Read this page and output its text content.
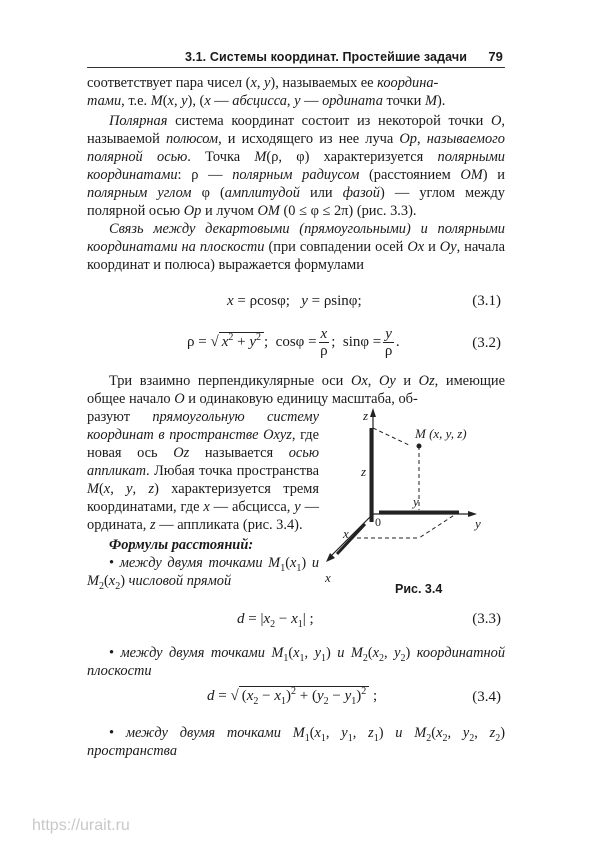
3.1. Системы координат. Простейшие задачи 79

соответствует пара чисел (x, y), называемых ее координа-
тами, т.е. M(x, y), (x — абсцисса, y — ордината точки M).

Полярная система координат состоит из некоторой точки O, называемой полюсом, и исходящего из нее луча Op, называемого полярной осью. Точка M(ρ, φ) характеризуется полярными координатами: ρ — полярным радиусом (расстоянием OM) и полярным углом φ (амплитудой или фазой) — углом между полярной осью Op и лучом OM (0 ≤ φ ≤ 2π) (рис. 3.3).

Связь между декартовыми (прямоугольными) и полярными координатами на плоскости (при совпадении осей Ox и Oy, начала координат и полюса) выражается формулами

x = ρcosφ;   y = ρsinφ;	(3.1)
ρ = √ $x^2 + y^2$ ;  $\cos\varphi = \frac{x}{\rho}$ ;  $\sin\varphi = \frac{y}{\rho}$ .	(3.2)

Три взаимно перпендикулярные оси Ox, Oy и Oz, имеющие общее начало O и одинаковую единицу масштаба, об-

разуют прямоугольную систему координат в пространстве Oxyz, где новая ось Oz называется осью аппликат. Любая точка пространства M(x, y, z) характеризуется тремя координатами, где x — абсцисса, y — ордината, z — аппликата (рис. 3.4).

Формулы расстояний:

• между двумя точками $M_1(x_1)$ и $M_2(x_2)$ числовой прямой

z
z
y
y
x
x
0
M (x, y, z)
Рис. 3.4
$d = |x_2 - x_1|$ ;	(3.3)

• между двумя точками $M_1(x_1$, $y_1$) и $M_2(x_2$, $y_2$) координатной плоскости

d = √ $(x_2 - x_1)^2 + (y_2 - y_1)^2$ ;	(3.4)

• между двумя точками $M_1(x_1$, $y_1$, $z_1$) и $M_2(x_2$, $y_2$, $z_2$) пространства

https://urait.ru
